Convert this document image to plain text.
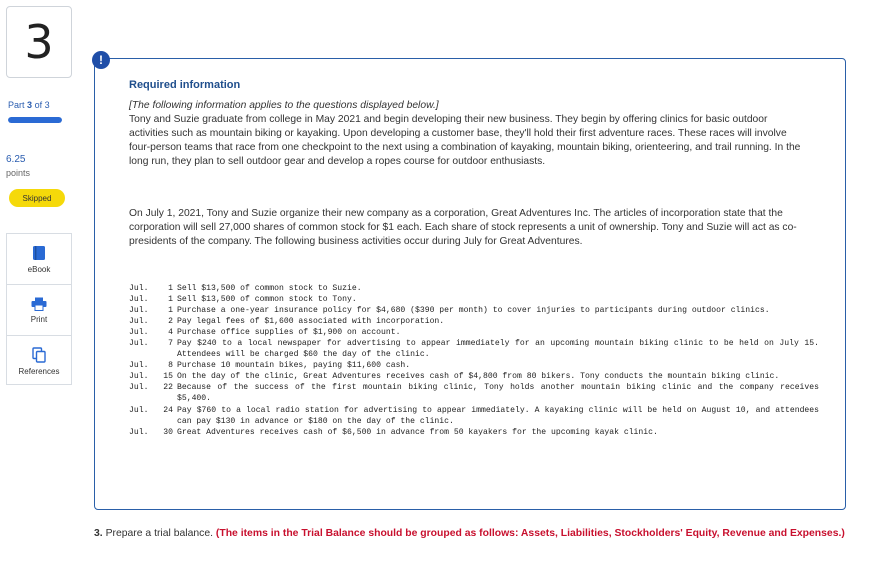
3
Part 3 of 3
6.25
points
Skipped
eBook
Print
References
Required information
[The following information applies to the questions displayed below.]
Tony and Suzie graduate from college in May 2021 and begin developing their new business. They begin by offering clinics for basic outdoor activities such as mountain biking or kayaking. Upon developing a customer base, they'll hold their first adventure races. These races will involve four-person teams that race from one checkpoint to the next using a combination of kayaking, mountain biking, orienteering, and trail running. In the long run, they plan to sell outdoor gear and develop a ropes course for outdoor enthusiasts.
On July 1, 2021, Tony and Suzie organize their new company as a corporation, Great Adventures Inc. The articles of incorporation state that the corporation will sell 27,000 shares of common stock for $1 each. Each share of stock represents a unit of ownership. Tony and Suzie will act as co-presidents of the company. The following business activities occur during July for Great Adventures.
Jul.	1 Sell $13,500 of common stock to Suzie.
Jul.	1 Sell $13,500 of common stock to Tony.
Jul.	1 Purchase a one-year insurance policy for $4,680 ($390 per month) to cover injuries to participants during outdoor clinics.
Jul.	2 Pay legal fees of $1,600 associated with incorporation.
Jul.	4 Purchase office supplies of $1,900 on account.
Jul.	7 Pay $240 to a local newspaper for advertising to appear immediately for an upcoming mountain biking clinic to be held on July 15. Attendees will be charged $60 the day of the clinic.
Jul.	8 Purchase 10 mountain bikes, paying $11,600 cash.
Jul.	15 On the day of the clinic, Great Adventures receives cash of $4,800 from 80 bikers. Tony conducts the mountain biking clinic.
Jul.	22 Because of the success of the first mountain biking clinic, Tony holds another mountain biking clinic and the company receives $5,400.
Jul.	24 Pay $760 to a local radio station for advertising to appear immediately. A kayaking clinic will be held on August 10, and attendees can pay $130 in advance or $180 on the day of the clinic.
Jul.	30 Great Adventures receives cash of $6,500 in advance from 50 kayakers for the upcoming kayak clinic.
!
3. Prepare a trial balance. (The items in the Trial Balance should be grouped as follows: Assets, Liabilities, Stockholders' Equity, Revenue and Expenses.)
